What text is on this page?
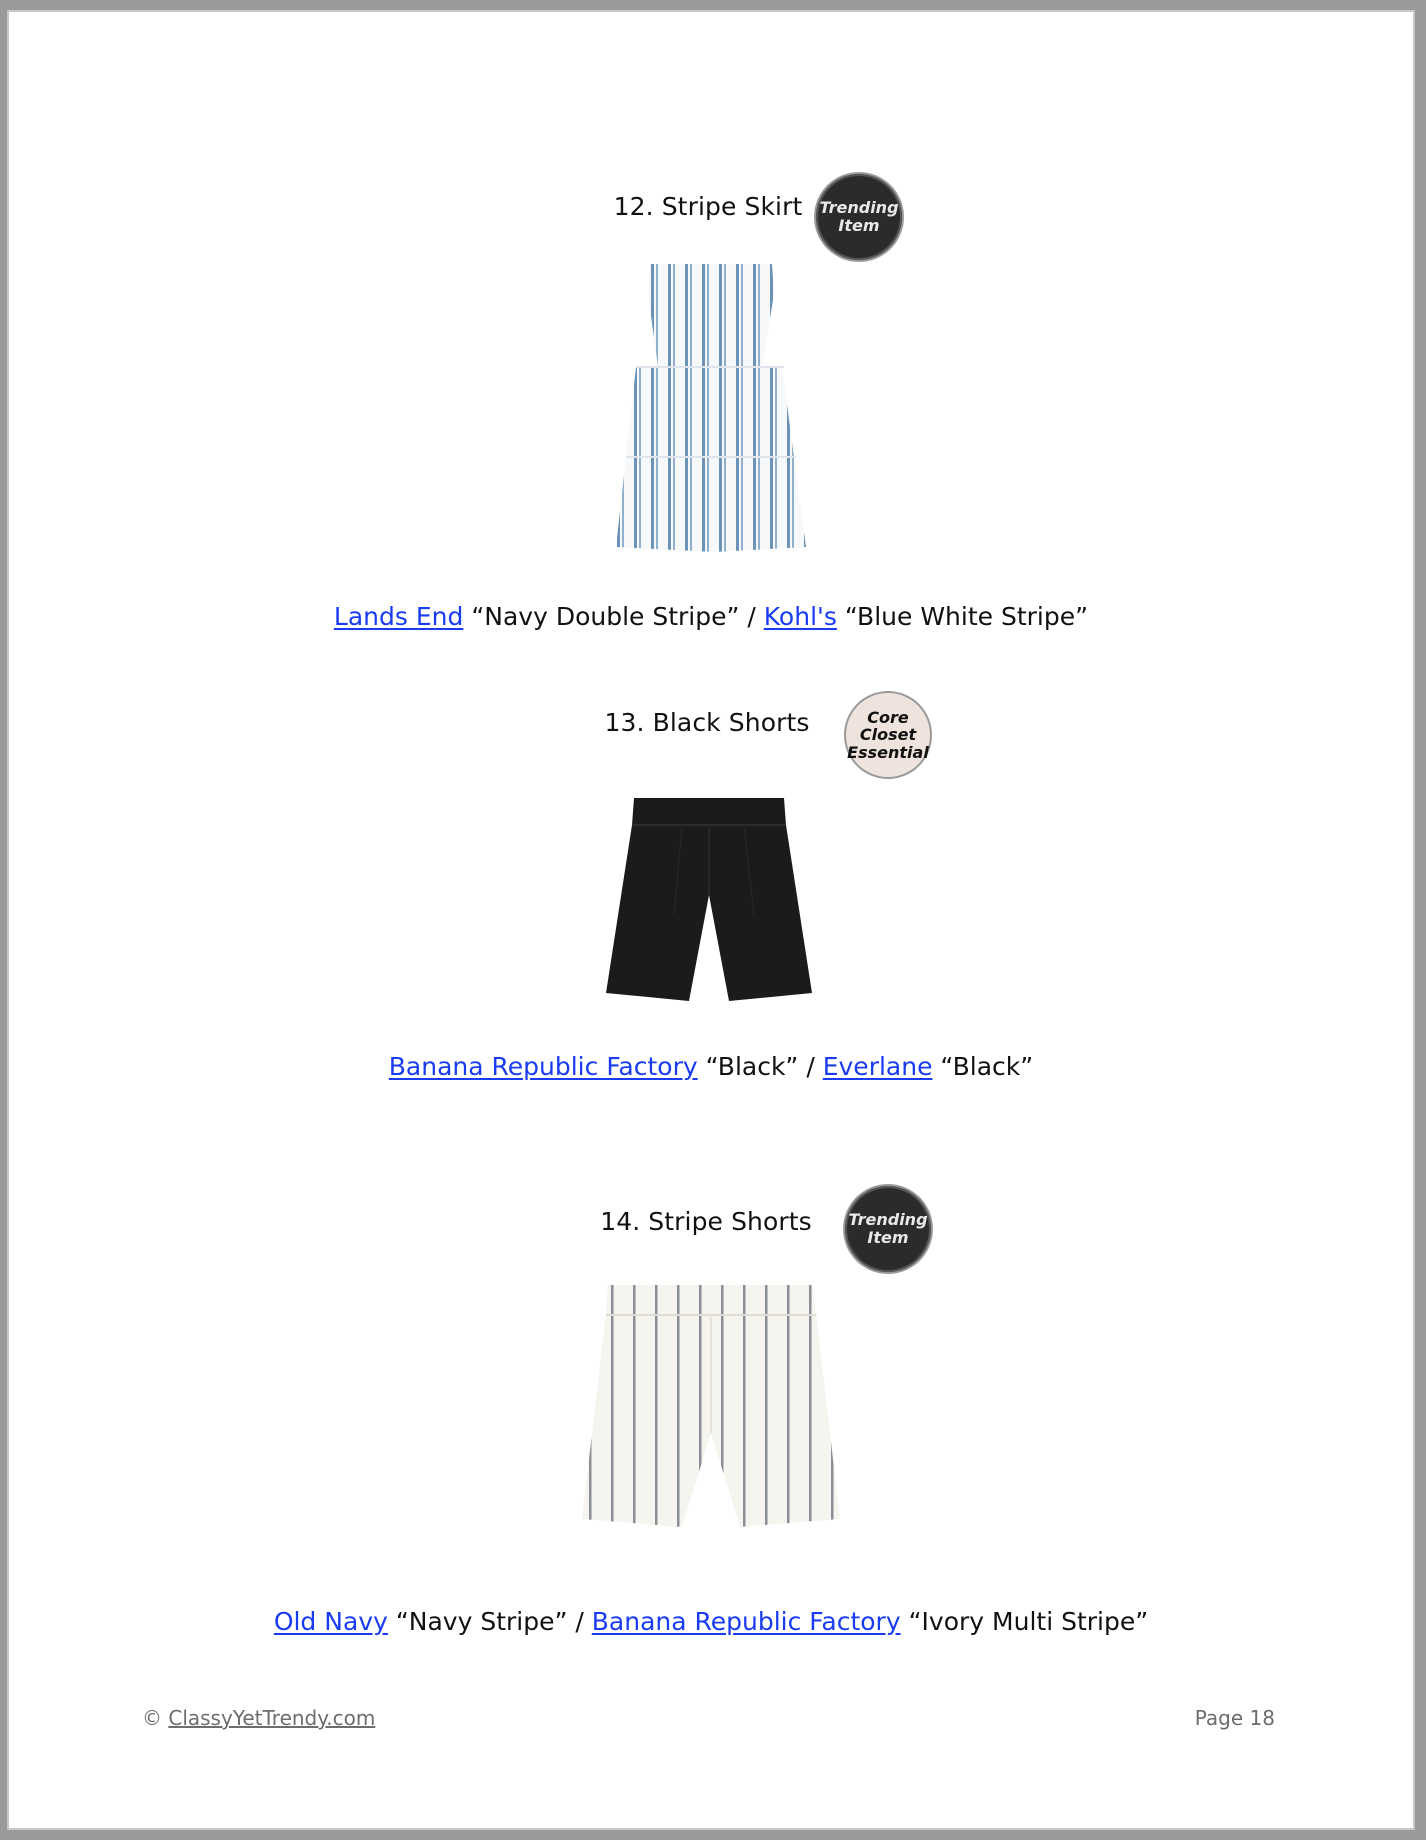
12. Stripe Skirt Trending
Item
Lands End “Navy Double Stripe” / Kohl's “Blue White Stripe”
13. Black Shorts	Core
Closet
Essential
Banana Republic Factory “Black” / Everlane “Black”
14. Stripe Shorts Trending
Item
Old Navy “Navy Stripe” / Banana Republic Factory “Ivory Multi Stripe”
© ClassyYetTrendy.com	Page 18
